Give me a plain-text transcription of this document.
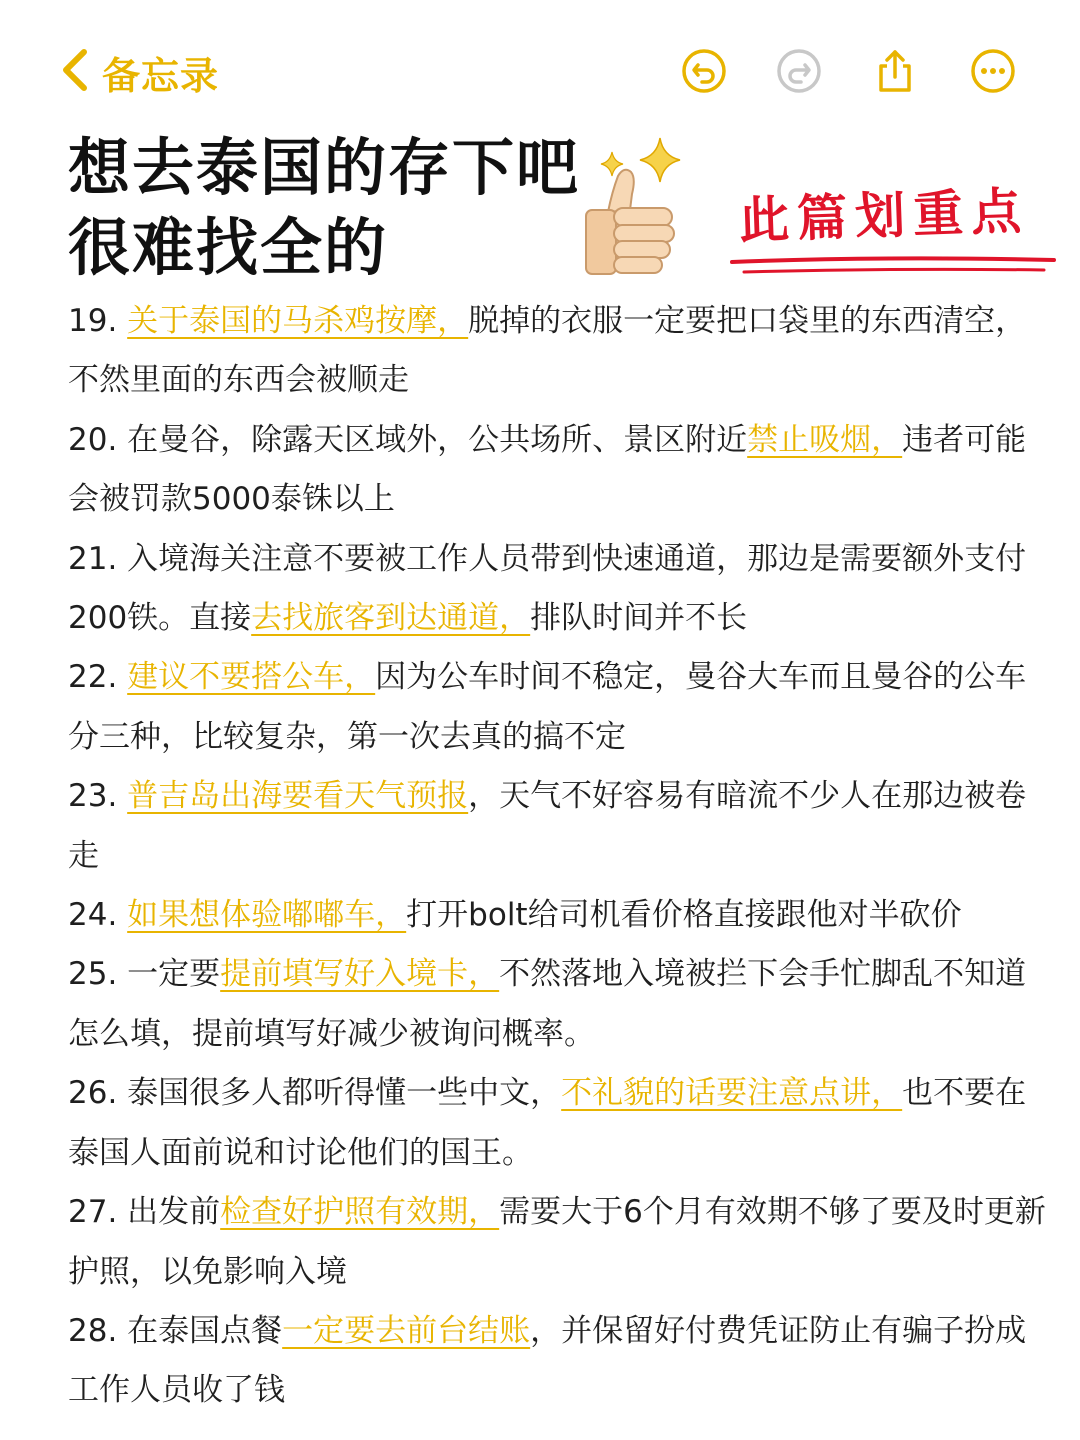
备忘录
想去泰国的存下吧
很难找全的	此篇划重点

19. 关于泰国的马杀鸡按摩，脱掉的衣服一定要把口袋里的东西清空，不然里面的东西会被顺走

20. 在曼谷，除露天区域外，公共场所、景区附近禁止吸烟，违者可能会被罚款5000泰铢以上

21. 入境海关注意不要被工作人员带到快速通道，那边是需要额外支付200铁。直接去找旅客到达通道，排队时间并不长

22. 建议不要搭公车，因为公车时间不稳定，曼谷大车而且曼谷的公车分三种，比较复杂，第一次去真的搞不定

23. 普吉岛出海要看天气预报，天气不好容易有暗流不少人在那边被卷走

24. 如果想体验嘟嘟车，打开bolt给司机看价格直接跟他对半砍价

25. 一定要提前填写好入境卡，不然落地入境被拦下会手忙脚乱不知道怎么填，提前填写好减少被询问概率。

26. 泰国很多人都听得懂一些中文，不礼貌的话要注意点讲，也不要在泰国人面前说和讨论他们的国王。

27. 出发前检查好护照有效期，需要大于6个月有效期不够了要及时更新护照，以免影响入境

28. 在泰国点餐一定要去前台结账，并保留好付费凭证防止有骗子扮成工作人员收了钱
